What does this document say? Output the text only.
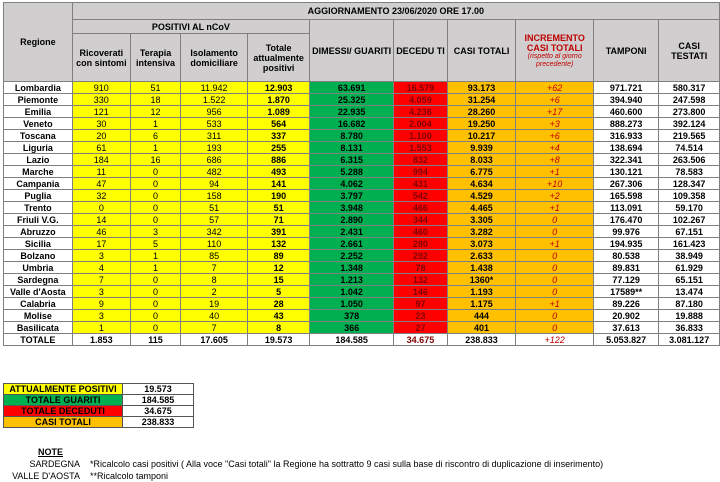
Regione	AGGIORNAMENTO 23/06/2020 ORE 17.00									
	POSITIVI AL nCoV				DIMESSI/ GUARITI	DECEDU TI	CASI TOTALI	INCREMENTO CASI TOTALI
(rispetto al giorno precedente)	TAMPONI	CASI TESTATI
	Ricoverati con sintomi	Terapia intensiva	Isolamento domiciliare	Totale attualmente positivi						
Lombardia	910	51	11.942	12.903	63.691	16.579	93.173	+62	971.721	580.317
Piemonte	330	18	1.522	1.870	25.325	4.059	31.254	+6	394.940	247.598
Emilia	121	12	956	1.089	22.935	4.236	28.260	+17	460.600	273.800
Veneto	30	1	533	564	16.682	2.004	19.250	+3	888.273	392.124
Toscana	20	6	311	337	8.780	1.100	10.217	+6	316.933	219.565
Liguria	61	1	193	255	8.131	1.553	9.939	+4	138.694	74.514
Lazio	184	16	686	886	6.315	832	8.033	+8	322.341	263.506
Marche	11	0	482	493	5.288	994	6.775	+1	130.121	78.583
Campania	47	0	94	141	4.062	431	4.634	+10	267.306	128.347
Puglia	32	0	158	190	3.797	542	4.529	+2	165.598	109.358
Trento	0	0	51	51	3.948	466	4.465	+1	113.091	59.170
Friuli V.G.	14	0	57	71	2.890	344	3.305	0	176.470	102.267
Abruzzo	46	3	342	391	2.431	460	3.282	0	99.976	67.151
Sicilia	17	5	110	132	2.661	280	3.073	+1	194.935	161.423
Bolzano	3	1	85	89	2.252	292	2.633	0	80.538	38.949
Umbria	4	1	7	12	1.348	78	1.438	0	89.831	61.929
Sardegna	7	0	8	15	1.213	132	1360*	0	77.129	65.151
Valle d'Aosta	3	0	2	5	1.042	146	1.193	0	17589**	13.474
Calabria	9	0	19	28	1.050	97	1.175	+1	89.226	87.180
Molise	3	0	40	43	378	23	444	0	20.902	19.888
Basilicata	1	0	7	8	366	27	401	0	37.613	36.833
TOTALE	1.853	115	17.605	19.573	184.585	34.675	238.833	+122	5.053.827	3.081.127
ATTUALMENTE POSITIVI	19.573
TOTALE GUARITI	184.585
TOTALE DECEDUTI	34.675
CASI TOTALI	238.833
NOTE
SARDEGNA *Ricalcolo casi positivi ( Alla voce "Casi totali" la Regione ha sottratto 9 casi sulla base di riscontro di duplicazione di inserimento)
VALLE D'AOSTA **Ricalcolo tamponi
